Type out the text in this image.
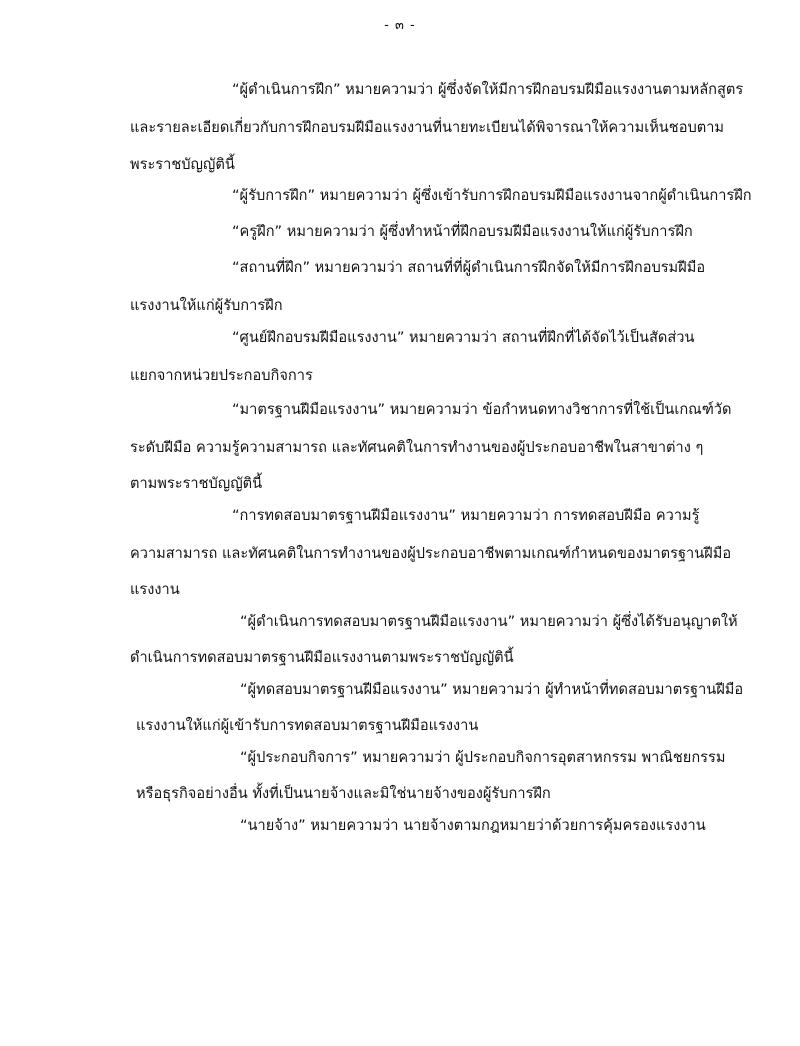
- ๓ -
“ผู้ดำเนินการฝึก” หมายความว่า ผู้ซึ่งจัดให้มีการฝึกอบรมฝีมือแรงงานตามหลักสูตร
และรายละเอียดเกี่ยวกับการฝึกอบรมฝีมือแรงงานที่นายทะเบียนได้พิจารณาให้ความเห็นชอบตาม
พระราชบัญญัตินี้
“ผู้รับการฝึก” หมายความว่า ผู้ซึ่งเข้ารับการฝึกอบรมฝีมือแรงงานจากผู้ดำเนินการฝึก
“ครูฝึก” หมายความว่า ผู้ซึ่งทำหน้าที่ฝึกอบรมฝีมือแรงงานให้แก่ผู้รับการฝึก
“สถานที่ฝึก” หมายความว่า สถานที่ที่ผู้ดำเนินการฝึกจัดให้มีการฝึกอบรมฝีมือ
แรงงานให้แก่ผู้รับการฝึก
“ศูนย์ฝึกอบรมฝีมือแรงงาน” หมายความว่า สถานที่ฝึกที่ได้จัดไว้เป็นสัดส่วน
แยกจากหน่วยประกอบกิจการ
“มาตรฐานฝีมือแรงงาน” หมายความว่า ข้อกำหนดทางวิชาการที่ใช้เป็นเกณฑ์วัด
ระดับฝีมือ ความรู้ความสามารถ และทัศนคติในการทำงานของผู้ประกอบอาชีพในสาขาต่าง ๆ
ตามพระราชบัญญัตินี้
“การทดสอบมาตรฐานฝีมือแรงงาน” หมายความว่า การทดสอบฝีมือ ความรู้
ความสามารถ และทัศนคติในการทำงานของผู้ประกอบอาชีพตามเกณฑ์กำหนดของมาตรฐานฝีมือ
แรงงาน
“ผู้ดำเนินการทดสอบมาตรฐานฝีมือแรงงาน” หมายความว่า ผู้ซึ่งได้รับอนุญาตให้
ดำเนินการทดสอบมาตรฐานฝีมือแรงงานตามพระราชบัญญัตินี้
“ผู้ทดสอบมาตรฐานฝีมือแรงงาน” หมายความว่า ผู้ทำหน้าที่ทดสอบมาตรฐานฝีมือ
แรงงานให้แก่ผู้เข้ารับการทดสอบมาตรฐานฝีมือแรงงาน
“ผู้ประกอบกิจการ” หมายความว่า ผู้ประกอบกิจการอุตสาหกรรม พาณิชยกรรม
หรือธุรกิจอย่างอื่น ทั้งที่เป็นนายจ้างและมิใช่นายจ้างของผู้รับการฝึก
“นายจ้าง” หมายความว่า นายจ้างตามกฎหมายว่าด้วยการคุ้มครองแรงงาน
